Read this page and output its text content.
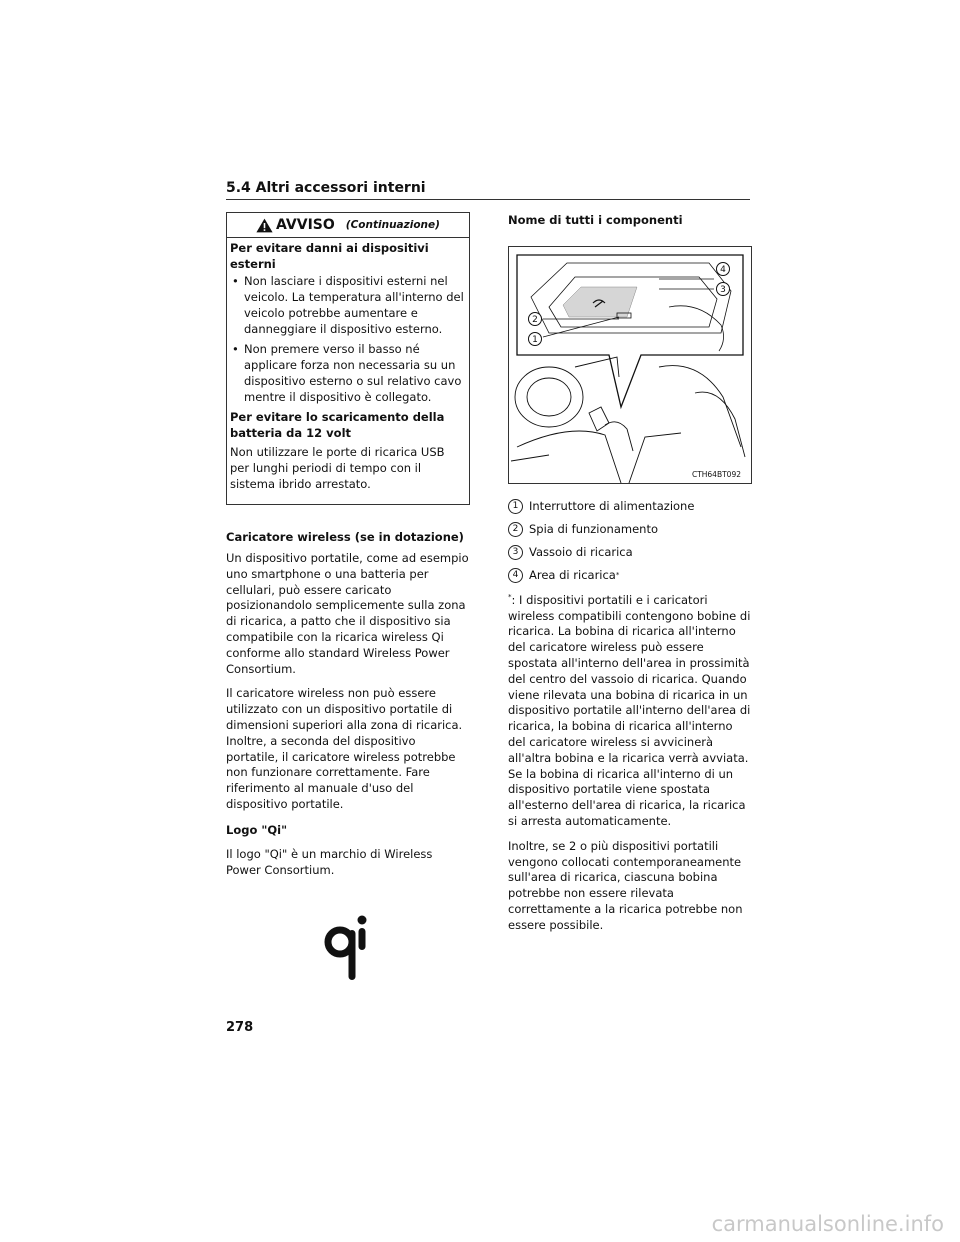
5.4 Altri accessori interni
AVVISO (Continuazione)
Per evitare danni ai dispositivi esterni
• Non lasciare i dispositivi esterni nel veicolo. La temperatura all'interno del veicolo potrebbe aumentare e danneggiare il dispositivo esterno.
• Non premere verso il basso né applicare forza non necessaria su un dispositivo esterno o sul relativo cavo mentre il dispositivo è collegato.
Per evitare lo scaricamento della batteria da 12 volt
Non utilizzare le porte di ricarica USB per lunghi periodi di tempo con il sistema ibrido arrestato.

Caricatore wireless (se in dotazione)

Un dispositivo portatile, come ad esempio uno smartphone o una batteria per cellulari, può essere caricato posizionandolo semplicemente sulla zona di ricarica, a patto che il dispositivo sia compatibile con la ricarica wireless Qi conforme allo standard Wireless Power Consortium.

Il caricatore wireless non può essere utilizzato con un dispositivo portatile di dimensioni superiori alla zona di ricarica. Inoltre, a seconda del dispositivo portatile, il caricatore wireless potrebbe non funzionare correttamente. Fare riferimento al manuale d'uso del dispositivo portatile.

Logo "Qi"

Il logo "Qi" è un marchio di Wireless Power Consortium.

Nome di tutti i componenti

1
2
3
4
CTH64BT092
1 Interruttore di alimentazione
2 Spia di funzionamento
3 Vassoio di ricarica
4 Area di ricarica *

*: I dispositivi portatili e i caricatori wireless compatibili contengono bobine di ricarica. La bobina di ricarica all'interno del caricatore wireless può essere spostata all'interno dell'area in prossimità del centro del vassoio di ricarica. Quando viene rilevata una bobina di ricarica in un dispositivo portatile all'interno dell'area di ricarica, la bobina di ricarica all'interno del caricatore wireless si avvicinerà all'altra bobina e la ricarica verrà avviata. Se la bobina di ricarica all'interno di un dispositivo portatile viene spostata all'esterno dell'area di ricarica, la ricarica si arresta automaticamente.

Inoltre, se 2 o più dispositivi portatili vengono collocati contemporaneamente sull'area di ricarica, ciascuna bobina potrebbe non essere rilevata correttamente a la ricarica potrebbe non essere possibile.

278
carmanualsonline.info
